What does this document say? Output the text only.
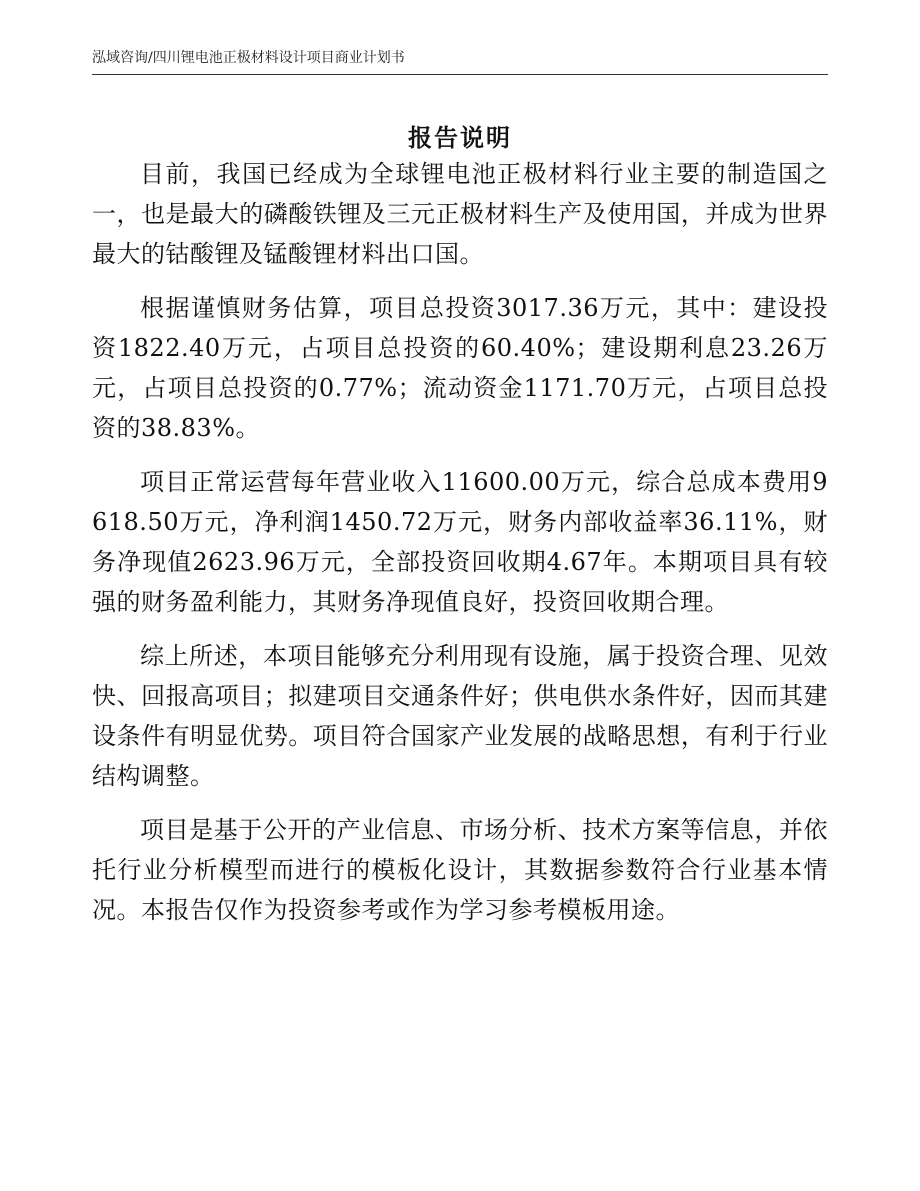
泓域咨询/四川锂电池正极材料设计项目商业计划书
报告说明

目前，我国已经成为全球锂电池正极材料行业主要的制造国之一，也是最大的磷酸铁锂及三元正极材料生产及使用国，并成为世界最大的钴酸锂及锰酸锂材料出口国。

根据谨慎财务估算，项目总投资3017.36万元，其中：建设投资1822.40万元，占项目总投资的60.40%；建设期利息23.26万元，占项目总投资的0.77%；流动资金1171.70万元，占项目总投资的38.83%。

项目正常运营每年营业收入11600.00万元，综合总成本费用9618.50万元，净利润1450.72万元，财务内部收益率36.11%，财务净现值2623.96万元，全部投资回收期4.67年。本期项目具有较强的财务盈利能力，其财务净现值良好，投资回收期合理。

综上所述，本项目能够充分利用现有设施，属于投资合理、见效快、回报高项目；拟建项目交通条件好；供电供水条件好，因而其建设条件有明显优势。项目符合国家产业发展的战略思想，有利于行业结构调整。

项目是基于公开的产业信息、市场分析、技术方案等信息，并依托行业分析模型而进行的模板化设计，其数据参数符合行业基本情况。本报告仅作为投资参考或作为学习参考模板用途。
